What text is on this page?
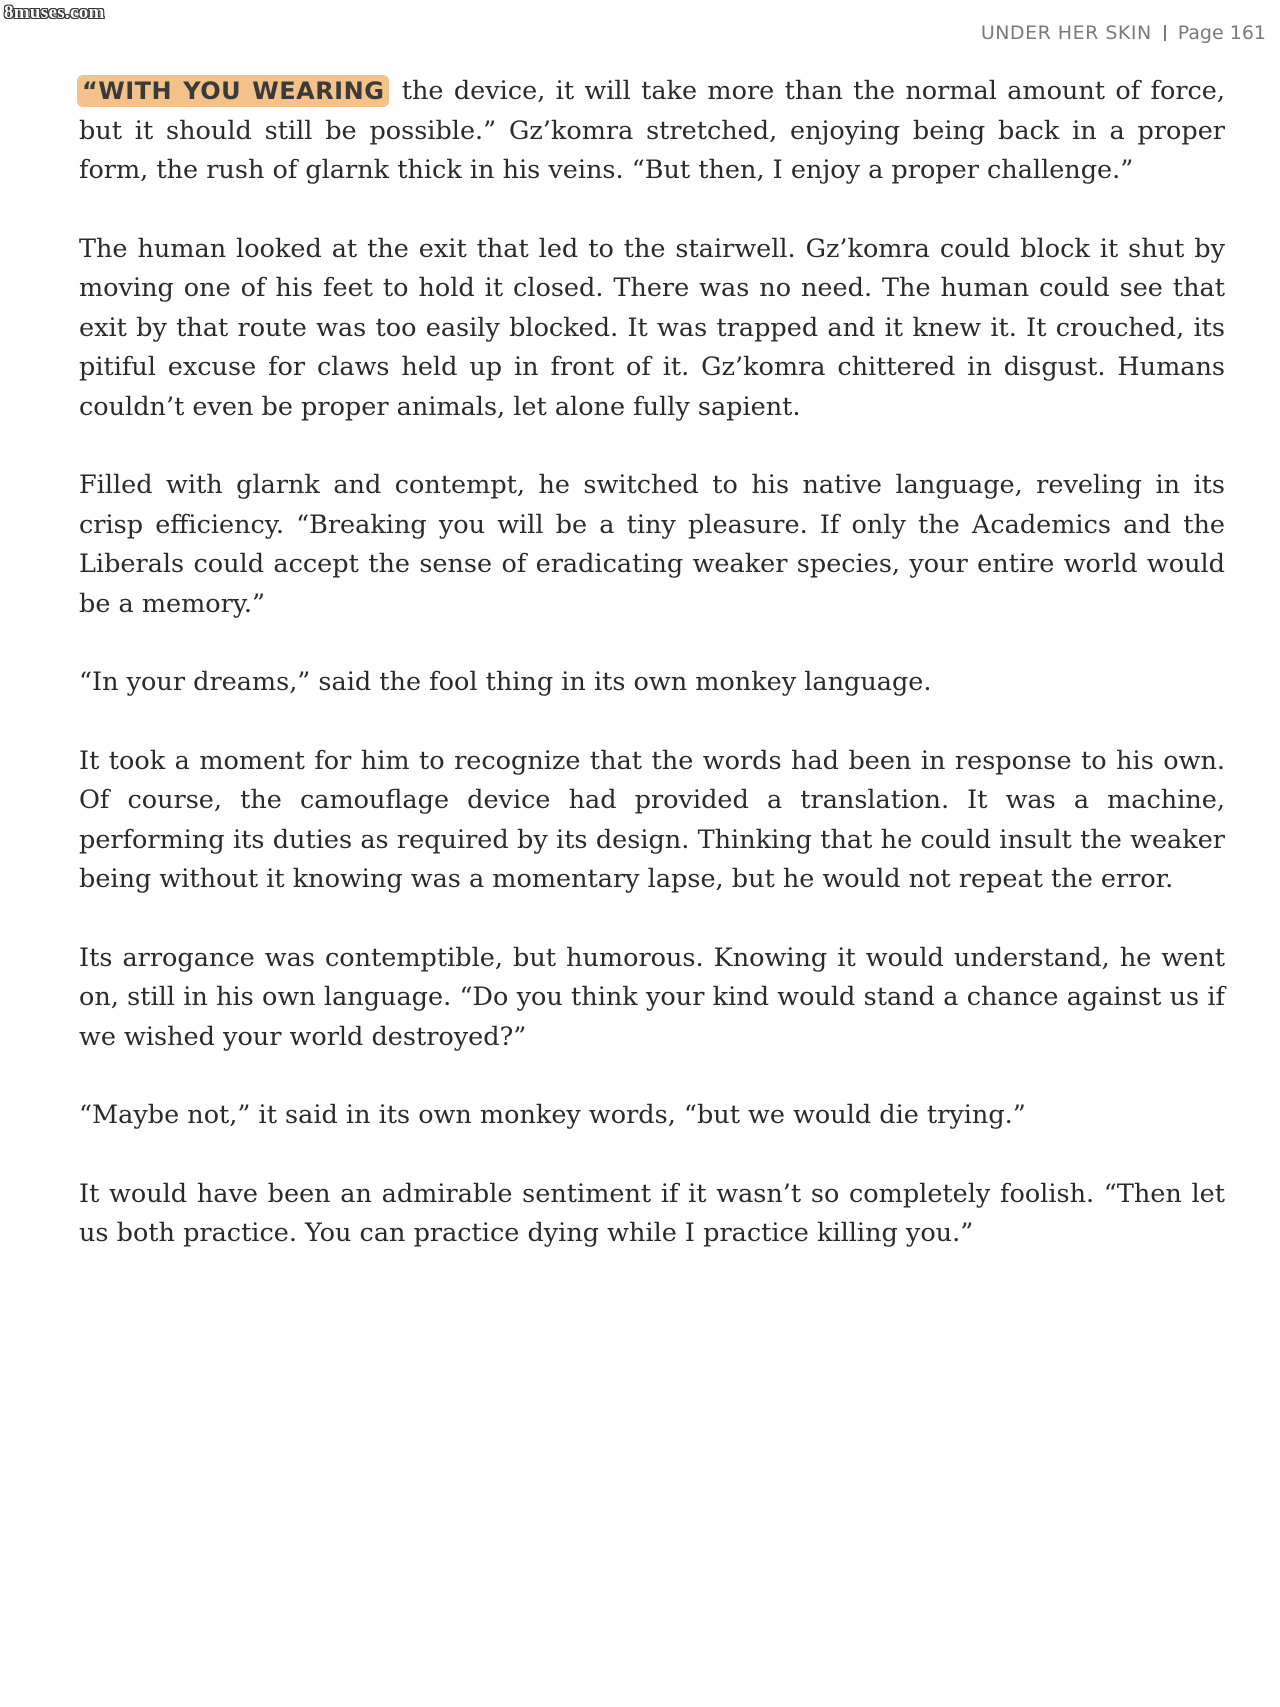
8muses.com
UNDER HER SKIN Page 161

“WITH YOU WEARING the device, it will take more than the normal amount of force, but it should still be possible.” Gz’komra stretched, enjoying being back in a proper form, the rush of glarnk thick in his veins. “But then, I enjoy a proper challenge.”

The human looked at the exit that led to the stairwell. Gz’komra could block it shut by moving one of his feet to hold it closed. There was no need. The human could see that exit by that route was too easily blocked. It was trapped and it knew it. It crouched, its pitiful excuse for claws held up in front of it. Gz’komra chittered in disgust. Humans couldn’t even be proper animals, let alone fully sapient.

Filled with glarnk and contempt, he switched to his native language, reveling in its crisp efficiency. “Breaking you will be a tiny pleasure. If only the Academics and the Liberals could accept the sense of eradicating weaker species, your entire world would be a memory.”

“In your dreams,” said the fool thing in its own monkey language.

It took a moment for him to recognize that the words had been in response to his own. Of course, the camouflage device had provided a translation. It was a machine, performing its duties as required by its design. Thinking that he could insult the weaker being without it knowing was a momentary lapse, but he would not repeat the error.

Its arrogance was contemptible, but humorous. Knowing it would understand, he went on, still in his own language. “Do you think your kind would stand a chance against us if we wished your world destroyed?”

“Maybe not,” it said in its own monkey words, “but we would die trying.”

It would have been an admirable sentiment if it wasn’t so completely foolish. “Then let us both practice. You can practice dying while I practice killing you.”
